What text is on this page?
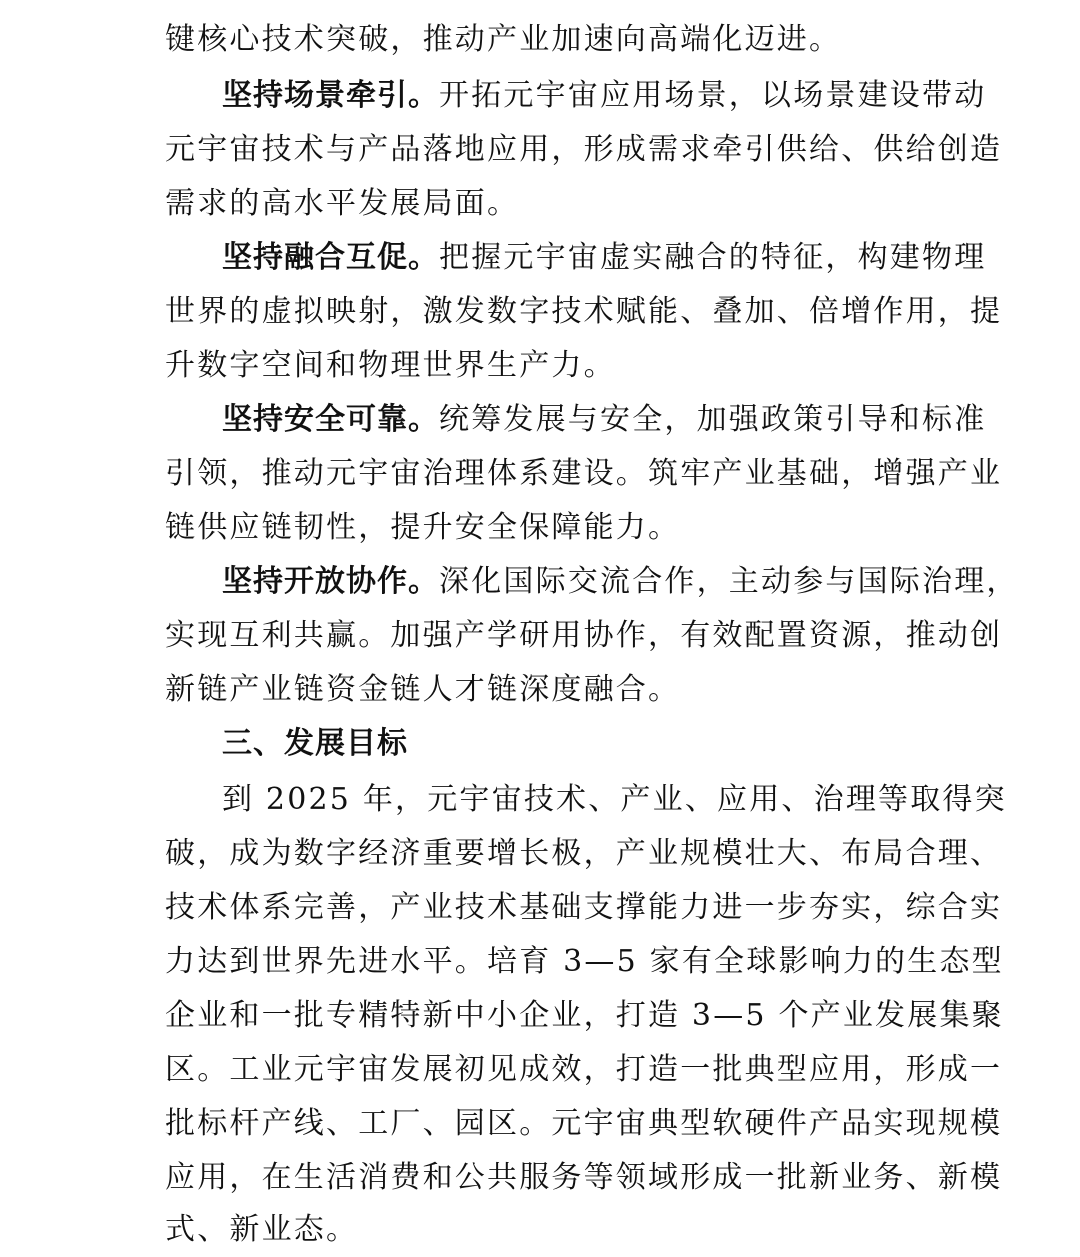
键核心技术突破，推动产业加速向高端化迈进。
坚持场景牵引。开拓元宇宙应用场景，以场景建设带动
元宇宙技术与产品落地应用，形成需求牵引供给、供给创造
需求的高水平发展局面。
坚持融合互促。把握元宇宙虚实融合的特征，构建物理
世界的虚拟映射，激发数字技术赋能、叠加、倍增作用，提
升数字空间和物理世界生产力。
坚持安全可靠。统筹发展与安全，加强政策引导和标准
引领，推动元宇宙治理体系建设。筑牢产业基础，增强产业
链供应链韧性，提升安全保障能力。
坚持开放协作。深化国际交流合作，主动参与国际治理，
实现互利共赢。加强产学研用协作，有效配置资源，推动创
新链产业链资金链人才链深度融合。
三、发展目标
到 2025 年，元宇宙技术、产业、应用、治理等取得突
破，成为数字经济重要增长极，产业规模壮大、布局合理、
技术体系完善，产业技术基础支撑能力进一步夯实，综合实
力达到世界先进水平。培育 3—5 家有全球影响力的生态型
企业和一批专精特新中小企业，打造 3—5 个产业发展集聚
区。工业元宇宙发展初见成效，打造一批典型应用，形成一
批标杆产线、工厂、园区。元宇宙典型软硬件产品实现规模
应用，在生活消费和公共服务等领域形成一批新业务、新模
式、新业态。
